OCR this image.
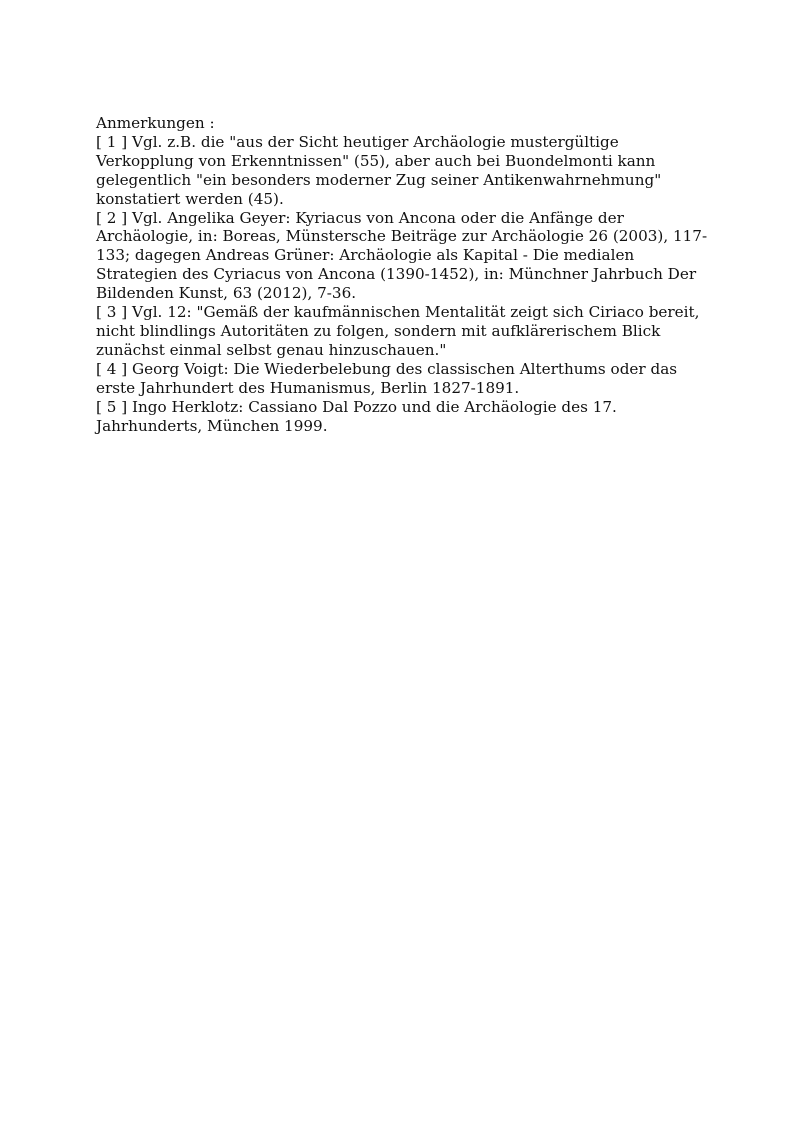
Anmerkungen :

[ 1 ] Vgl. z.B. die "aus der Sicht heutiger Archäologie mustergültige Verkopplung von Erkenntnissen" (55), aber auch bei Buondelmonti kann gelegentlich "ein besonders moderner Zug seiner Antikenwahrnehmung" konstatiert werden (45).

[ 2 ] Vgl. Angelika Geyer: Kyriacus von Ancona oder die Anfänge der Archäologie, in: Boreas, Münstersche Beiträge zur Archäologie 26 (2003), 117-133; dagegen Andreas Grüner: Archäologie als Kapital - Die medialen Strategien des Cyriacus von Ancona (1390-1452), in: Münchner Jahrbuch Der Bildenden Kunst, 63 (2012), 7-36.

[ 3 ] Vgl. 12: "Gemäß der kaufmännischen Mentalität zeigt sich Ciriaco bereit, nicht blindlings Autoritäten zu folgen, sondern mit aufklärerischem Blick zunächst einmal selbst genau hinzuschauen."

[ 4 ] Georg Voigt: Die Wiederbelebung des classischen Alterthums oder das erste Jahrhundert des Humanismus, Berlin 1827-1891.

[ 5 ] Ingo Herklotz: Cassiano Dal Pozzo und die Archäologie des 17. Jahrhunderts, München 1999.
